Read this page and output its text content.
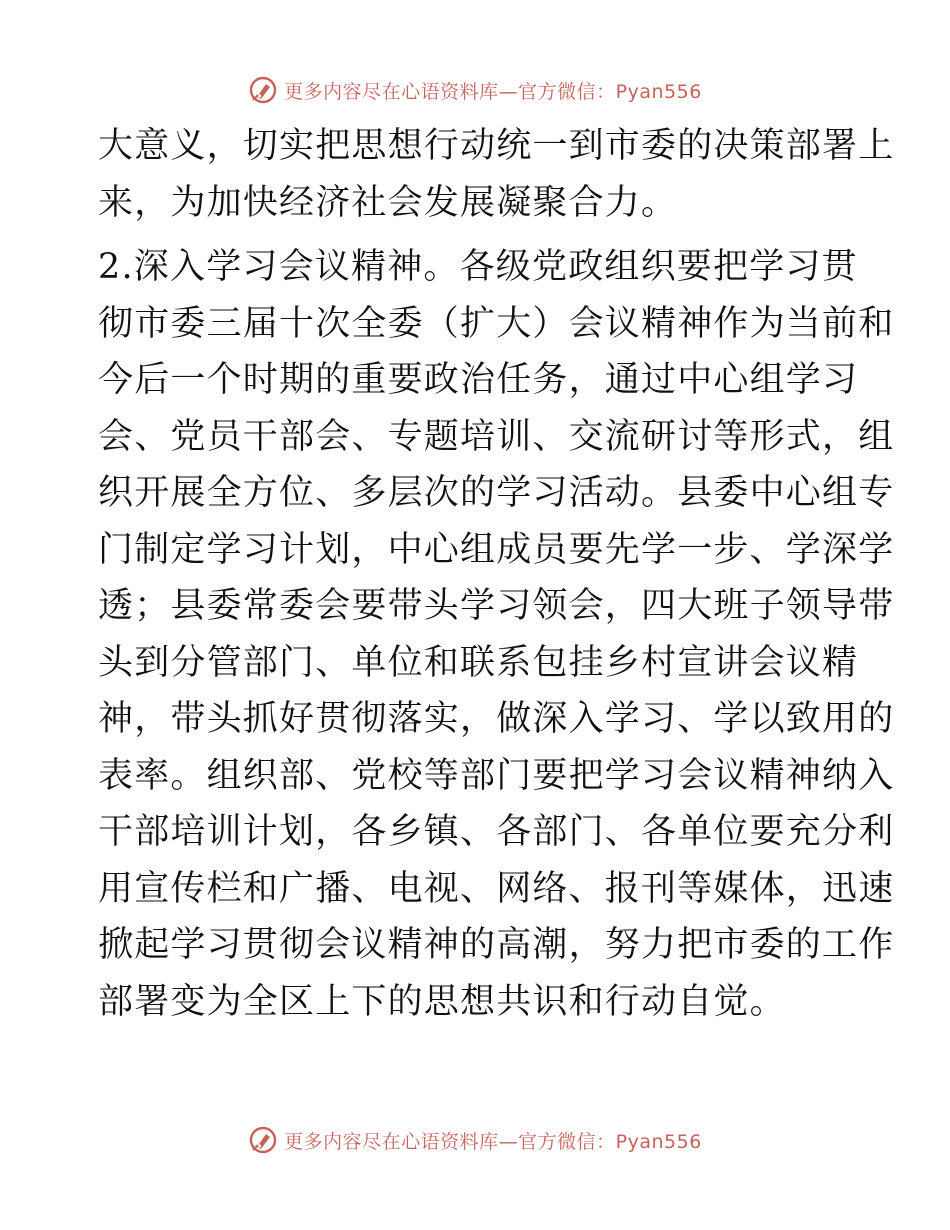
更多内容尽在心语资料库—官方微信：Pyan556
大意义，切实把思想行动统一到市委的决策部署上
来，为加快经济社会发展凝聚合力。
2.深入学习会议精神。各级党政组织要把学习贯
彻市委三届十次全委（扩大）会议精神作为当前和
今后一个时期的重要政治任务，通过中心组学习
会、党员干部会、专题培训、交流研讨等形式，组
织开展全方位、多层次的学习活动。县委中心组专
门制定学习计划，中心组成员要先学一步、学深学
透；县委常委会要带头学习领会，四大班子领导带
头到分管部门、单位和联系包挂乡村宣讲会议精
神，带头抓好贯彻落实，做深入学习、学以致用的
表率。组织部、党校等部门要把学习会议精神纳入
干部培训计划，各乡镇、各部门、各单位要充分利
用宣传栏和广播、电视、网络、报刊等媒体，迅速
掀起学习贯彻会议精神的高潮，努力把市委的工作
部署变为全区上下的思想共识和行动自觉。
更多内容尽在心语资料库—官方微信：Pyan556
